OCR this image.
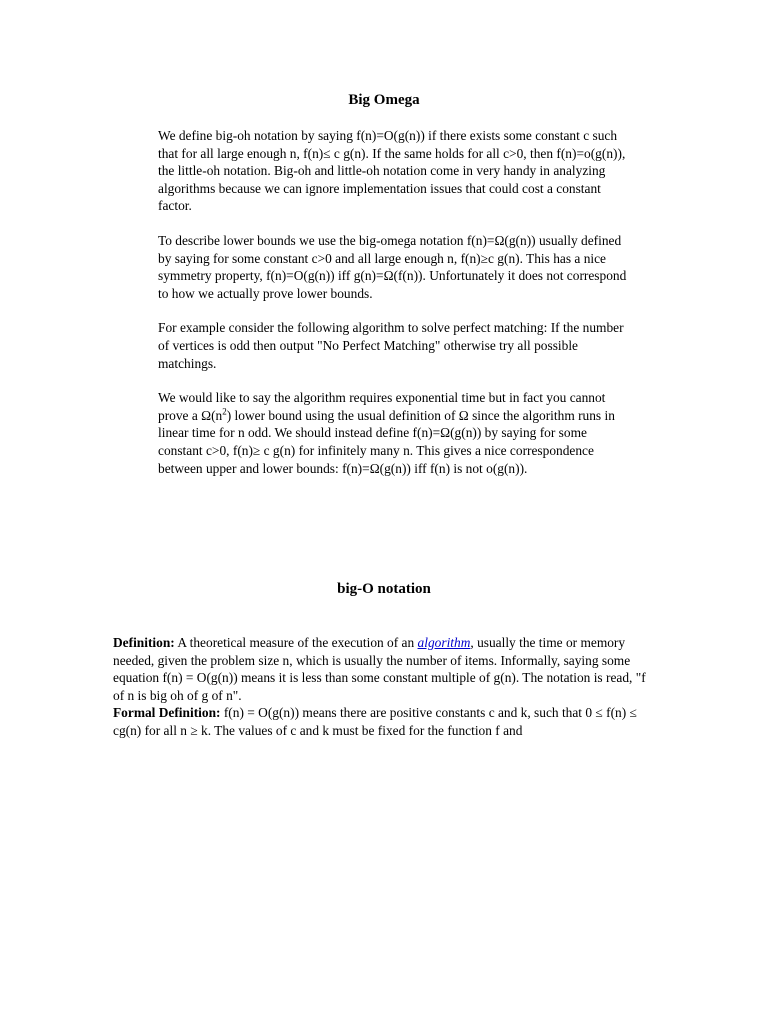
Big Omega

We define big-oh notation by saying f(n)=O(g(n)) if there exists some constant c such that for all large enough n, f(n)≤ c g(n). If the same holds for all c>0, then f(n)=o(g(n)), the little-oh notation. Big-oh and little-oh notation come in very handy in analyzing algorithms because we can ignore implementation issues that could cost a constant factor.

To describe lower bounds we use the big-omega notation f(n)=Ω(g(n)) usually defined by saying for some constant c>0 and all large enough n, f(n)≥c g(n). This has a nice symmetry property, f(n)=O(g(n)) iff g(n)=Ω(f(n)). Unfortunately it does not correspond to how we actually prove lower bounds.

For example consider the following algorithm to solve perfect matching: If the number of vertices is odd then output "No Perfect Matching" otherwise try all possible matchings.

We would like to say the algorithm requires exponential time but in fact you cannot prove a $\Omega(n^2)$ lower bound using the usual definition of Ω since the algorithm runs in linear time for n odd. We should instead define f(n)=Ω(g(n)) by saying for some constant c>0, f(n)≥ c g(n) for infinitely many n. This gives a nice correspondence between upper and lower bounds: f(n)=Ω(g(n)) iff f(n) is not o(g(n)).

big-O notation

Definition: A theoretical measure of the execution of an algorithm, usually the time or memory needed, given the problem size n, which is usually the number of items. Informally, saying some equation f(n) = O(g(n)) means it is less than some constant multiple of g(n). The notation is read, "f of n is big oh of g of n".

Formal Definition: f(n) = O(g(n)) means there are positive constants c and k, such that 0 ≤ f(n) ≤ cg(n) for all n ≥ k. The values of c and k must be fixed for the function f and
